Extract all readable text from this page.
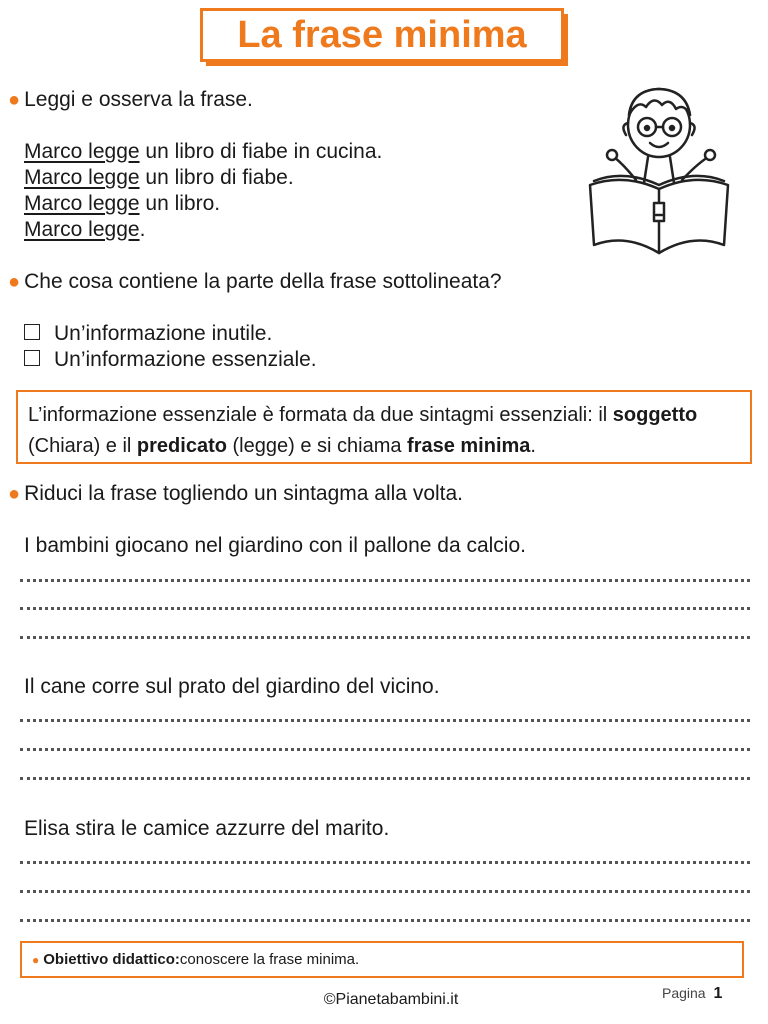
La frase minima
● Leggi e osserva la frase.
Marco legge un libro di fiabe in cucina.
Marco legge un libro di fiabe.
Marco legge un libro.
Marco legge.
● Che cosa contiene la parte della frase sottolineata?
Un’informazione inutile.
Un’informazione essenziale.
L’informazione essenziale è formata da due sintagmi essenziali: il soggetto (Chiara) e il predicato (legge) e si chiama frase minima.
● Riduci la frase togliendo un sintagma alla volta.
I bambini giocano nel giardino con il pallone da calcio.
Il cane corre sul prato del giardino del vicino.
Elisa stira le camice azzurre del marito.
● Obiettivo didattico: conoscere la frase minima.
©Pianetabambini.it	Pagina 1
